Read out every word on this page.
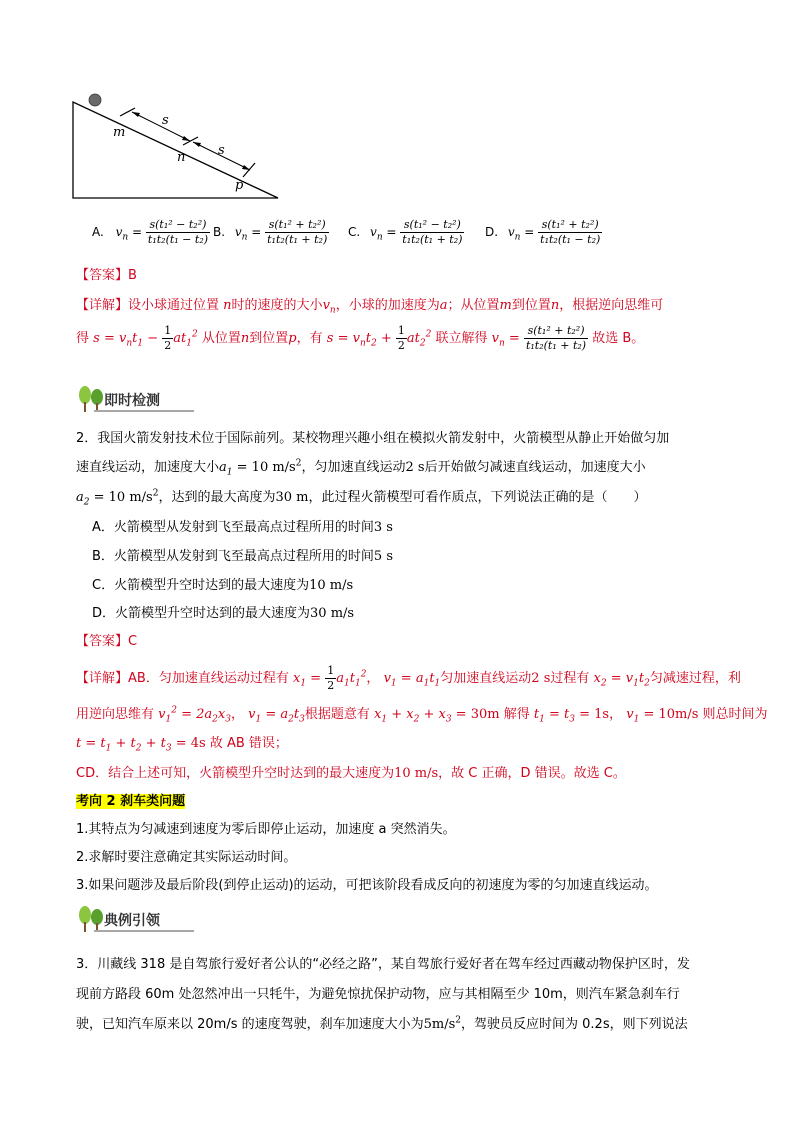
m
s
n	s
p
A. $v_n = \frac{\text{s(t₁² − t₂²)}}{\text{t₁t₂(t₁ − t₂)}} B$. $v_n = \frac{\text{s(t₁² + t₂²)}}{\text{t₁t₂(t₁ + t₂)}} C$. $v_n = \frac{\text{s(t₁² − t₂²)}}{\text{t₁t₂(t₁ + t₂)}} D$. $v_n = \frac{\text{s(t₁² + t₂²)}}{\text{t₁t₂(t₁ − t₂)}}$
【答案】B
【详解】设小球通过位置 n时的速度的大小$v_n$，小球的加速度为a；从位置m到位置n，根据逆向思维可
得 $s = v_nt_1 - \frac{1}{2} at_1^2$ 从位置n到位置p，有 $s = v_nt_2 + \frac{1}{2} at_2^2$ 联立解得 $v_n = \frac{\text{s(t₁² + t₂²)}}{\text{t₁t₂(t₁ + t₂)}}$ 故选 B。
即时检测
2．我国火箭发射技术位于国际前列。某校物理兴趣小组在模拟火箭发射中，火箭模型从静止开始做匀加
速直线运动，加速度大小$a_1 = 10$ $m/s^2$，匀加速直线运动2 s后开始做匀减速直线运动，加速度大小
$a_2 = 10$ $m/s^2$，达到的最大高度为30 m，此过程火箭模型可看作质点，下列说法正确的是（　　）
A．火箭模型从发射到飞至最高点过程所用的时间3 s
B．火箭模型从发射到飞至最高点过程所用的时间5 s
C．火箭模型升空时达到的最大速度为10 m/s
D．火箭模型升空时达到的最大速度为30 m/s
【答案】C
【详解】AB．匀加速直线运动过程有 $x_1 = \frac{1}{2} a_1t_1^2$， $v_1 = a_1t_1$匀加速直线运动2 s过程有 $x_2 = v_1t_2$匀减速过程，利
用逆向思维有 $v_1^2 = 2a_2x_3$， $v_1 = a_2t_3$根据题意有 $x_1 + x_2 + x_3 = 30m$ 解得 $t_1 = t_3 = 1s$， $v_1 = 10m/s$ 则总时间为
$t = t_1 + t_2 + t_3 = 4s$ 故 AB 错误；
CD．结合上述可知，火箭模型升空时达到的最大速度为10 m/s，故 C 正确，D 错误。故选 C。
考向 2 刹车类问题
1.其特点为匀减速到速度为零后即停止运动，加速度 a 突然消失。
2.求解时要注意确定其实际运动时间。
3.如果问题涉及最后阶段(到停止运动)的运动，可把该阶段看成反向的初速度为零的匀加速直线运动。
典例引领
3．川藏线 318 是自驾旅行爱好者公认的“必经之路”，某自驾旅行爱好者在驾车经过西藏动物保护区时，发
现前方路段 60m 处忽然冲出一只牦牛，为避免惊扰保护动物，应与其相隔至少 10m，则汽车紧急刹车行
驶，已知汽车原来以 20m/s 的速度驾驶，刹车加速度大小为$5m/s^2$，驾驶员反应时间为 0.2s，则下列说法
